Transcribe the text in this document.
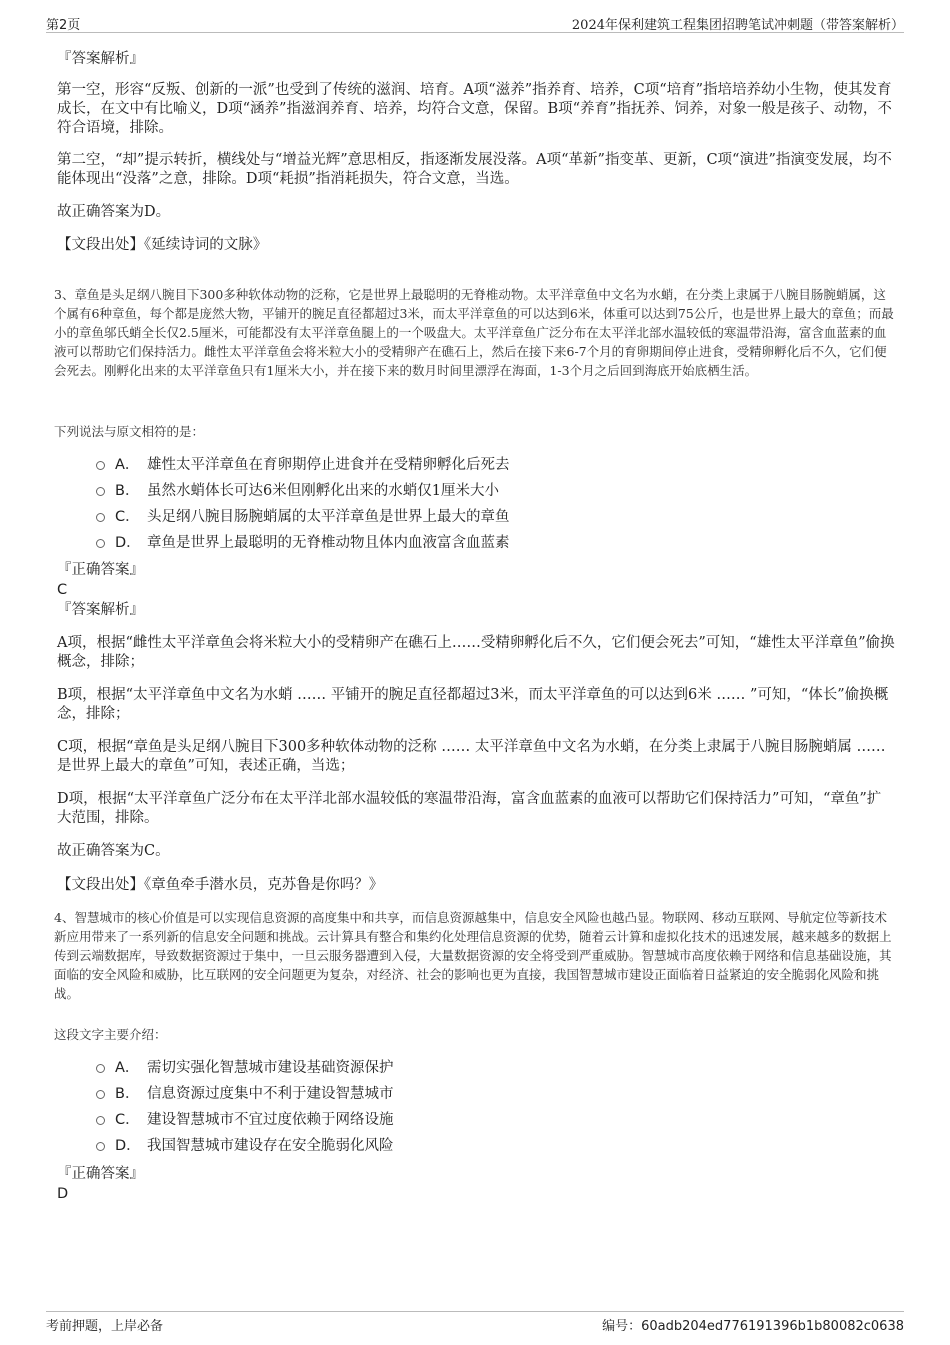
第2页	2024年保利建筑工程集团招聘笔试冲刺题（带答案解析）

『答案解析』

第一空，形容“反叛、创新的一派”也受到了传统的滋润、培育。A项“滋养”指养育、培养，C项“培育”指培培养幼小生物，使其发育成长，在文中有比喻义，D项“涵养”指滋润养育、培养，均符合文意，保留。B项“养育”指抚养、饲养，对象一般是孩子、动物，不符合语境，排除。

第二空，“却”提示转折，横线处与“增益光辉”意思相反，指逐渐发展没落。A项“革新”指变革、更新，C项“演进”指演变发展，均不能体现出“没落”之意，排除。D项“耗损”指消耗损失，符合文意，当选。

故正确答案为D。

【文段出处】《延续诗词的文脉》

3、章鱼是头足纲八腕目下300多种软体动物的泛称，它是世界上最聪明的无脊椎动物。太平洋章鱼中文名为水蛸，在分类上隶属于八腕目肠腕蛸属，这个属有6种章鱼，每个都是庞然大物，平铺开的腕足直径都超过3米，而太平洋章鱼的可以达到6米，体重可以达到75公斤，也是世界上最大的章鱼；而最小的章鱼邬氏蛸全长仅2.5厘米，可能都没有太平洋章鱼腿上的一个吸盘大。太平洋章鱼广泛分布在太平洋北部水温较低的寒温带沿海，富含血蓝素的血液可以帮助它们保持活力。雌性太平洋章鱼会将米粒大小的受精卵产在礁石上，然后在接下来6-7个月的育卵期间停止进食，受精卵孵化后不久，它们便会死去。刚孵化出来的太平洋章鱼只有1厘米大小，并在接下来的数月时间里漂浮在海面，1-3个月之后回到海底开始底栖生活。

下列说法与原文相符的是：

A． 雄性太平洋章鱼在育卵期停止进食并在受精卵孵化后死去
B． 虽然水蛸体长可达6米但刚孵化出来的水蛸仅1厘米大小
C． 头足纲八腕目肠腕蛸属的太平洋章鱼是世界上最大的章鱼
D． 章鱼是世界上最聪明的无脊椎动物且体内血液富含血蓝素

『正确答案』

C

『答案解析』

A项，根据“雌性太平洋章鱼会将米粒大小的受精卵产在礁石上……受精卵孵化后不久，它们便会死去”可知，“雄性太平洋章鱼”偷换概念，排除；

B项，根据“太平洋章鱼中文名为水蛸 …… 平铺开的腕足直径都超过3米，而太平洋章鱼的可以达到6米 …… ”可知，“体长”偷换概念，排除；

C项，根据“章鱼是头足纲八腕目下300多种软体动物的泛称 …… 太平洋章鱼中文名为水蛸，在分类上隶属于八腕目肠腕蛸属 …… 是世界上最大的章鱼”可知，表述正确，当选；

D项，根据“太平洋章鱼广泛分布在太平洋北部水温较低的寒温带沿海，富含血蓝素的血液可以帮助它们保持活力”可知，“章鱼”扩大范围，排除。

故正确答案为C。

【文段出处】《章鱼牵手潜水员，克苏鲁是你吗？》

4、智慧城市的核心价值是可以实现信息资源的高度集中和共享，而信息资源越集中，信息安全风险也越凸显。物联网、移动互联网、导航定位等新技术新应用带来了一系列新的信息安全问题和挑战。云计算具有整合和集约化处理信息资源的优势，随着云计算和虚拟化技术的迅速发展，越来越多的数据上传到云端数据库，导致数据资源过于集中，一旦云服务器遭到入侵，大量数据资源的安全将受到严重威胁。智慧城市高度依赖于网络和信息基础设施，其面临的安全风险和威胁，比互联网的安全问题更为复杂，对经济、社会的影响也更为直接，我国智慧城市建设正面临着日益紧迫的安全脆弱化风险和挑战。

这段文字主要介绍：

A． 需切实强化智慧城市建设基础资源保护
B． 信息资源过度集中不利于建设智慧城市
C． 建设智慧城市不宜过度依赖于网络设施
D． 我国智慧城市建设存在安全脆弱化风险

『正确答案』

D

考前押题，上岸必备	编号：60adb204ed776191396b1b80082c0638
